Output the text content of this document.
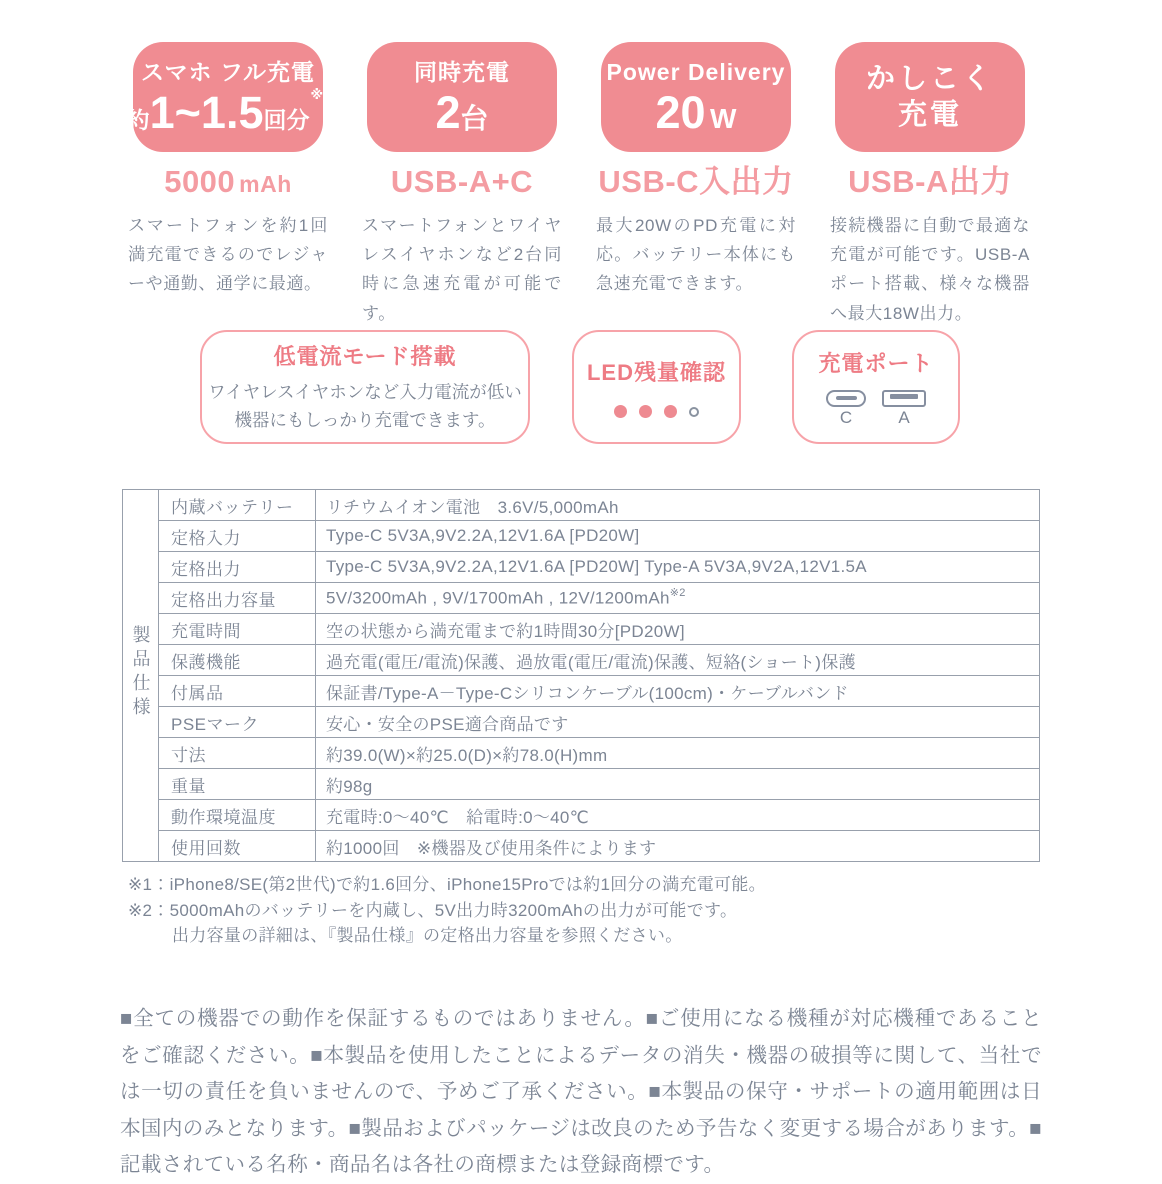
スマホ フル充電
約1~1.5回分$^{※1}$
5000 mAh
スマートフォンを約1回満充電できるのでレジャーや通勤、通学に最適。
同時充電
2台
USB-A+C
スマートフォンとワイヤレスイヤホンなど2台同時に急速充電が可能です。
Power Delivery
20 W
USB-C入出力
最大20WのPD充電に対応。バッテリー本体にも急速充電できます。
かしこく
充電
USB-A出力
接続機器に自動で最適な充電が可能です。USB-Aポート搭載、様々な機器へ最大18W出力。
低電流モード搭載
ワイヤレスイヤホンなど入力電流が低い機器にもしっかり充電できます。
LED残量確認	充電ポート
C	A
製品仕様	内蔵バッテリー	リチウムイオン電池　3.6V/5,000mAh
	定格入力	Type-C 5V3A,9V2.2A,12V1.6A [PD20W]
	定格出力	Type-C 5V3A,9V2.2A,12V1.6A [PD20W] Type-A 5V3A,9V2A,12V1.5A
	定格出力容量	5V/3200mAh , 9V/1700mAh , 12V/1200mAh$^{※2}$
	充電時間	空の状態から満充電まで約1時間30分[PD20W]
	保護機能	過充電(電圧/電流)保護、過放電(電圧/電流)保護、短絡(ショート)保護
	付属品	保証書/Type-A－Type-Cシリコンケーブル(100cm)・ケーブルバンド
	PSEマーク	安心・安全のPSE適合商品です
	寸法	約39.0(W)×約25.0(D)×約78.0(H)mm
	重量	約98g
	動作環境温度	充電時:0～40℃　給電時:0～40℃
	使用回数	約1000回　※機器及び使用条件によります
※1：iPhone8/SE(第2世代)で約1.6回分、iPhone15Proでは約1回分の満充電可能。
※2：5000mAhのバッテリーを内蔵し、5V出力時3200mAhの出力が可能です。
出力容量の詳細は、『製品仕様』の定格出力容量を参照ください。
■全ての機器での動作を保証するものではありません。■ご使用になる機種が対応機種であることをご確認ください。■本製品を使用したことによるデータの消失・機器の破損等に関して、当社では一切の責任を負いませんので、予めご了承ください。■本製品の保守・サポートの適用範囲は日本国内のみとなります。■製品およびパッケージは改良のため予告なく変更する場合があります。■記載されている名称・商品名は各社の商標または登録商標です。
